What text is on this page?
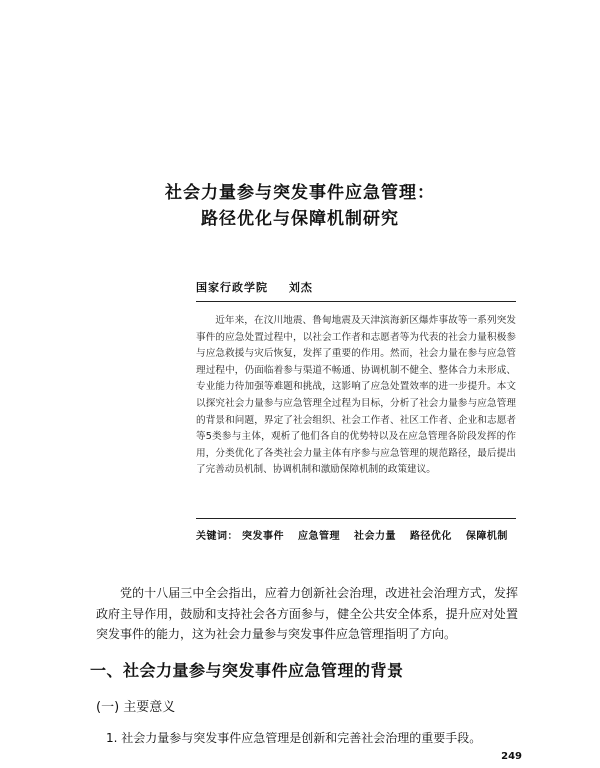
社会力量参与突发事件应急管理：
路径优化与保障机制研究
国家行政学院 刘杰
近年来，在汶川地震、鲁甸地震及天津滨海新区爆炸事故等一系列突发事件的应急处置过程中，以社会工作者和志愿者等为代表的社会力量积极参与应急救援与灾后恢复，发挥了重要的作用。然而，社会力量在参与应急管理过程中，仍面临着参与渠道不畅通、协调机制不健全、整体合力未形成、专业能力待加强等难题和挑战，这影响了应急处置效率的进一步提升。本文以探究社会力量参与应急管理全过程为目标，分析了社会力量参与应急管理的背景和问题，界定了社会组织、社会工作者、社区工作者、企业和志愿者等5类参与主体，观析了他们各自的优势特以及在应急管理各阶段发挥的作用，分类优化了各类社会力量主体有序参与应急管理的规范路径，最后提出了完善动员机制、协调机制和激励保障机制的政策建议。
关键词： 突发事件 应急管理 社会力量 路径优化 保障机制
党的十八届三中全会指出，应着力创新社会治理，改进社会治理方式，发挥政府主导作用，鼓励和支持社会各方面参与，健全公共安全体系，提升应对处置突发事件的能力，这为社会力量参与突发事件应急管理指明了方向。
一、社会力量参与突发事件应急管理的背景
(一) 主要意义
1. 社会力量参与突发事件应急管理是创新和完善社会治理的重要手段。
249
